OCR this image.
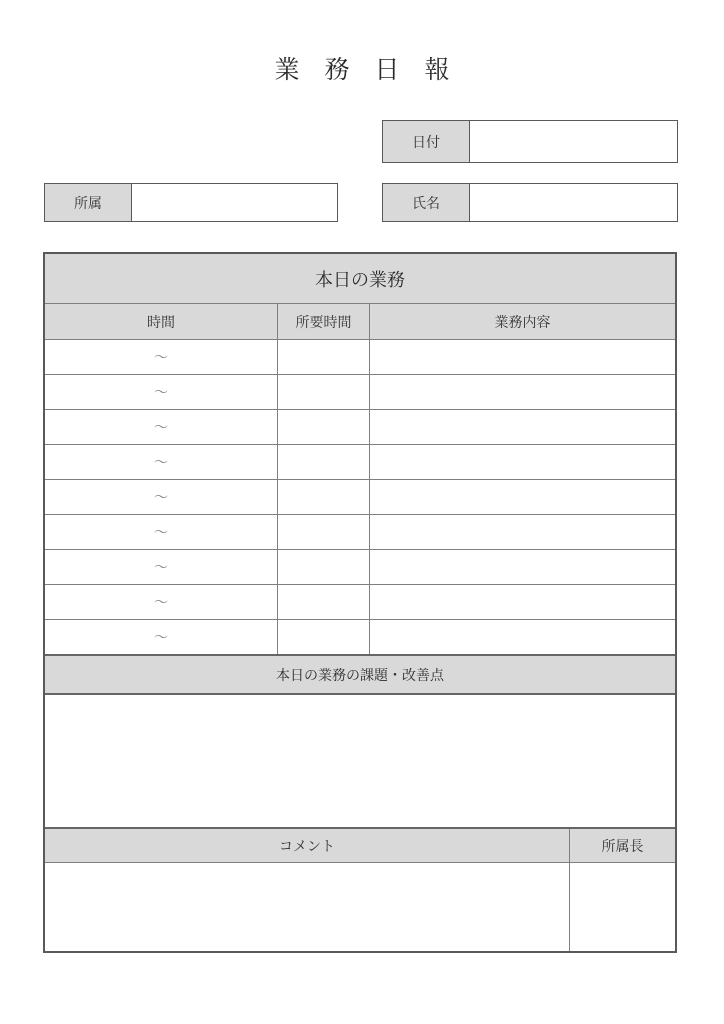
業　務　日　報
日付
所属	氏名
本日の業務
時間	所要時間	業務内容
～
～
～
～
～
～
～
～
～
本日の業務の課題・改善点
コメント	所属長
